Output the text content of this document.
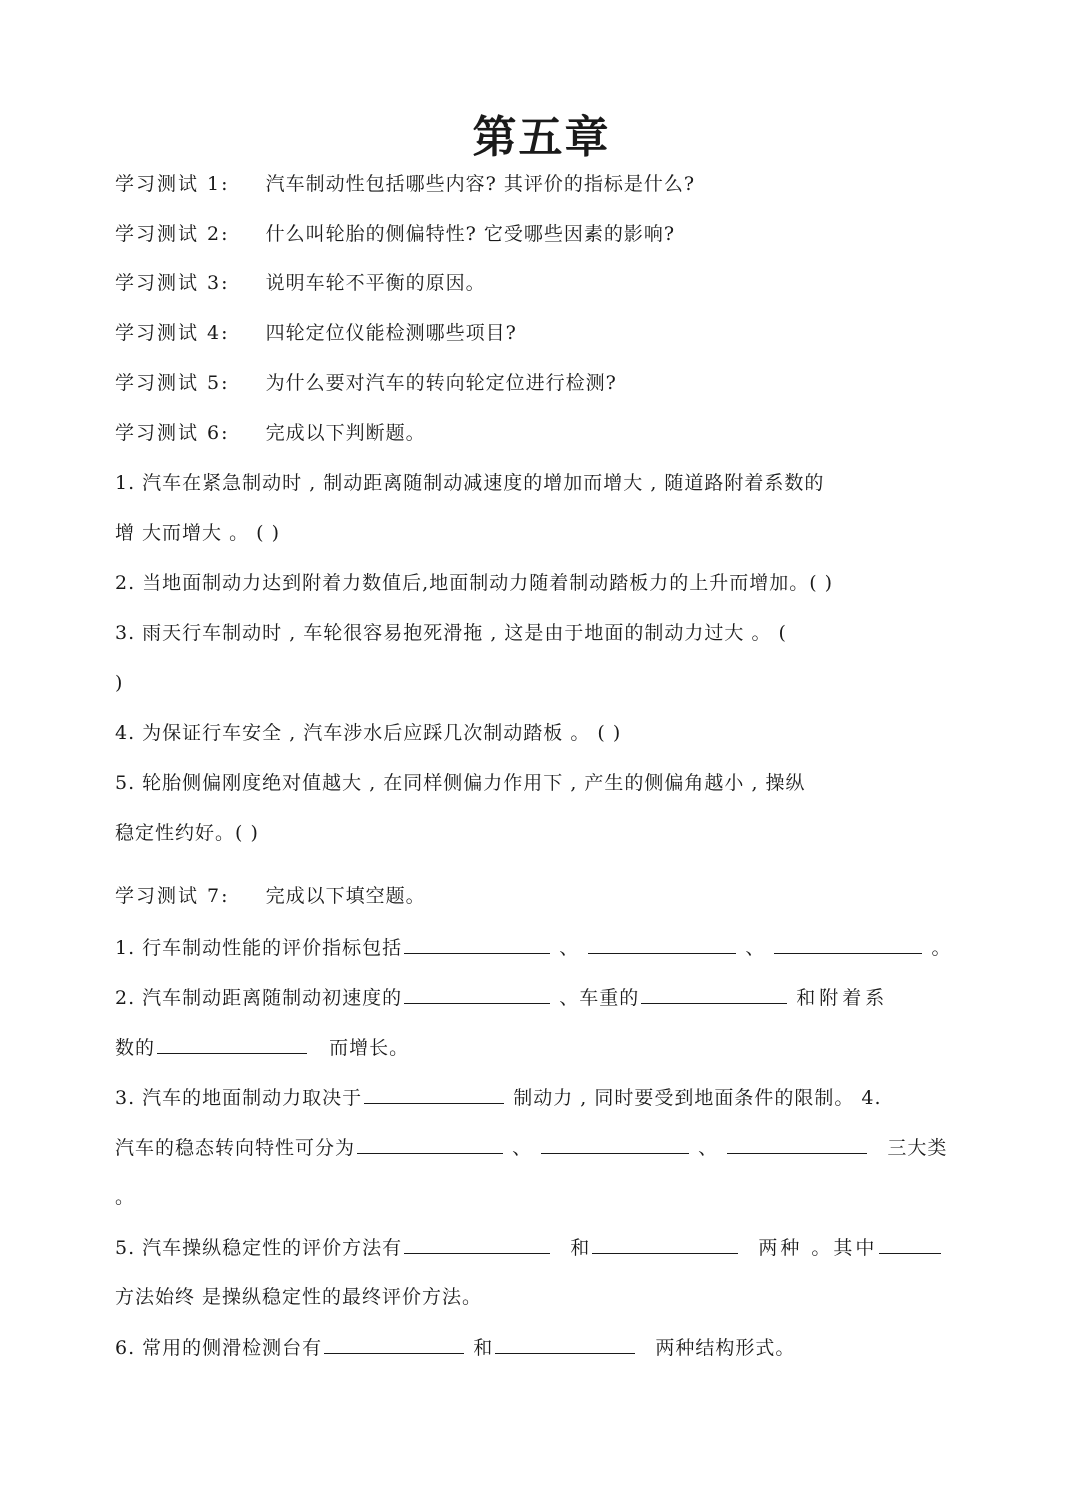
第五章
学习测试 1: 汽车制动性包括哪些内容? 其评价的指标是什么?
学习测试 2: 什么叫轮胎的侧偏特性? 它受哪些因素的影响?
学习测试 3: 说明车轮不平衡的原因。
学习测试 4: 四轮定位仪能检测哪些项目?
学习测试 5: 为什么要对汽车的转向轮定位进行检测?
学习测试 6: 完成以下判断题。
1. 汽车在紧急制动时 , 制动距离随制动减速度的增加而增大 , 随道路附着系数的
增 大而增大 。 ( )
2. 当地面制动力达到附着力数值后,地面制动力随着制动踏板力的上升而增加。( )
3. 雨天行车制动时 , 车轮很容易抱死滑拖 , 这是由于地面的制动力过大 。 (
)
4. 为保证行车安全 , 汽车涉水后应踩几次制动踏板 。 ( )
5. 轮胎侧偏刚度绝对值越大 , 在同样侧偏力作用下 , 产生的侧偏角越小 , 操纵
稳定性约好。( )
学习测试 7: 完成以下填空题。
1. 行车制动性能的评价指标包括	、	、	。
2. 汽车制动距离随制动初速度的	、车重的	和附着系
数的	而增长。
3. 汽车的地面制动力取决于	制动力 , 同时要受到地面条件的限制。 4.
汽车的稳态转向特性可分为	、	、	三大类
。
5. 汽车操纵稳定性的评价方法有	和	两种 。其中
方法始终 是操纵稳定性的最终评价方法。
6. 常用的侧滑检测台有	和	两种结构形式。
